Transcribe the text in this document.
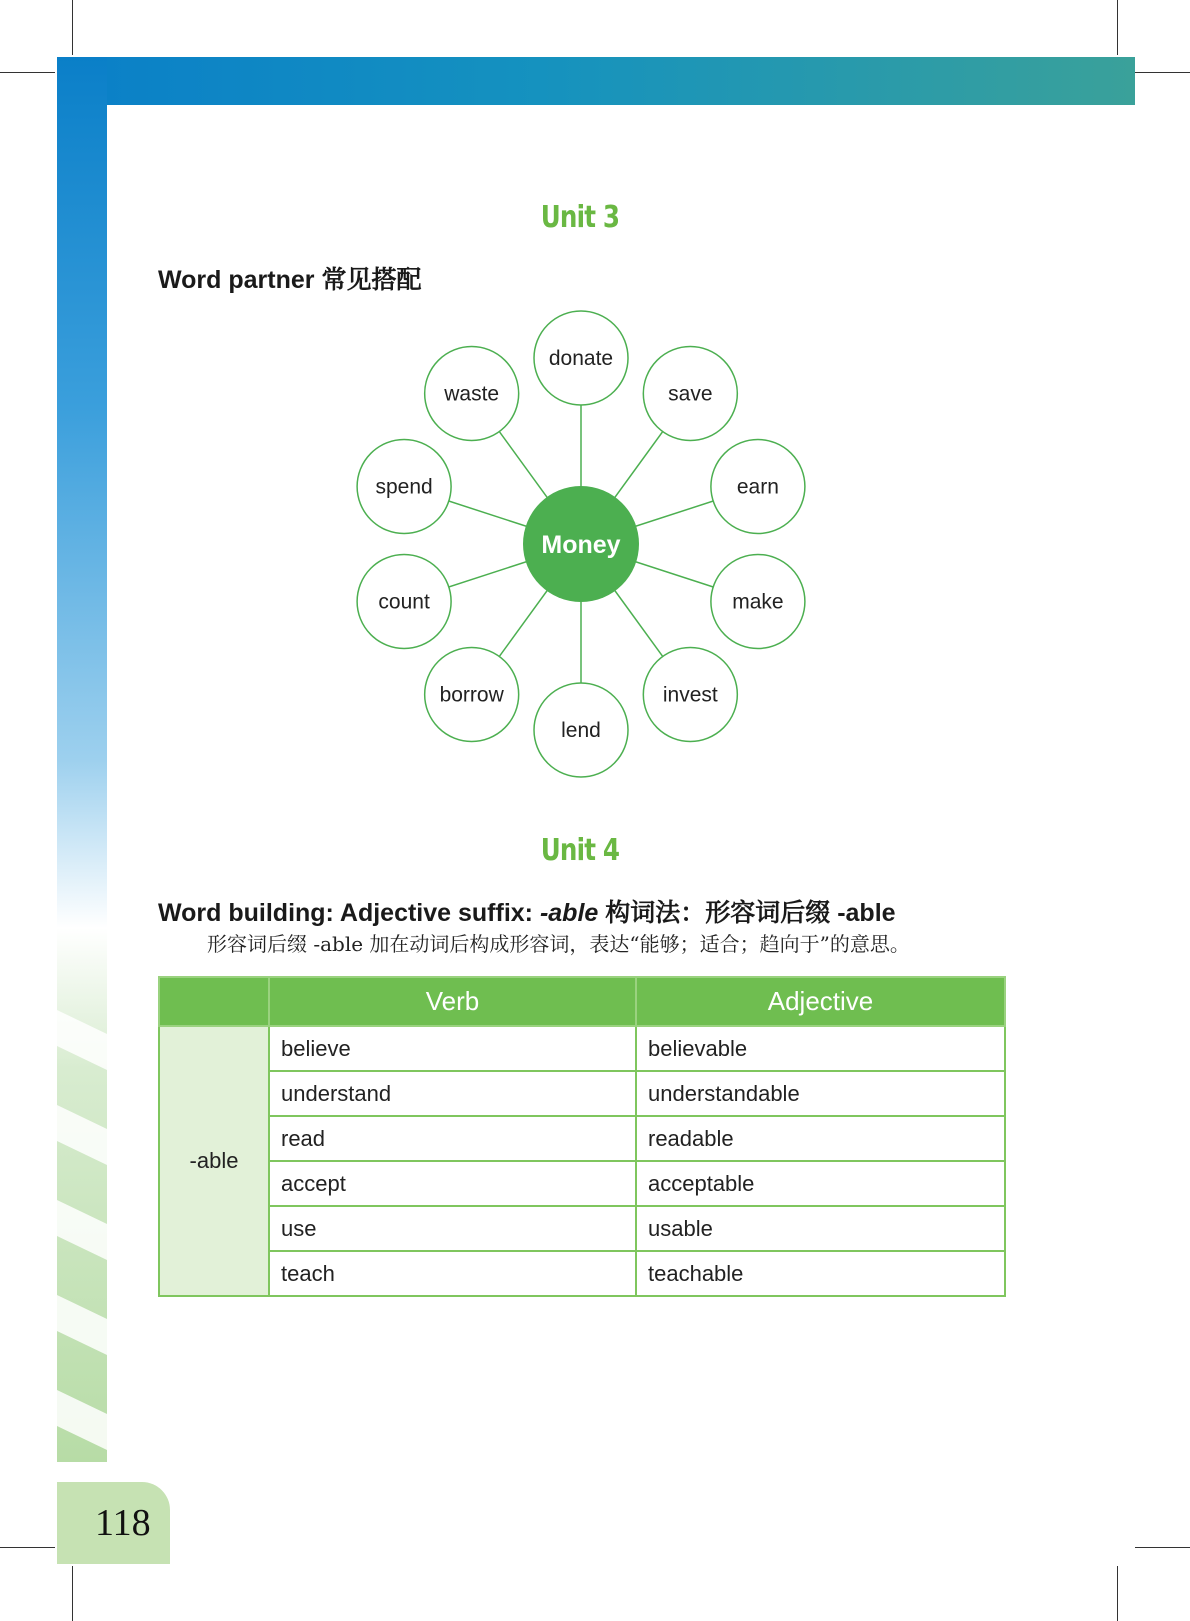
118
Unit 3
Word partner 常见搭配
donate
save
earn
make
invest
lend
borrow
count
spend
waste
Money
Unit 4
Word building: Adjective suffix: -able 构词法：形容词后缀 -able
形容词后缀 -able 加在动词后构成形容词，表达“能够；适合；趋向于”的意思。
	Verb	Adjective
-able	believe	believable
	understand	understandable
	read	readable
	accept	acceptable
	use	usable
	teach	teachable
